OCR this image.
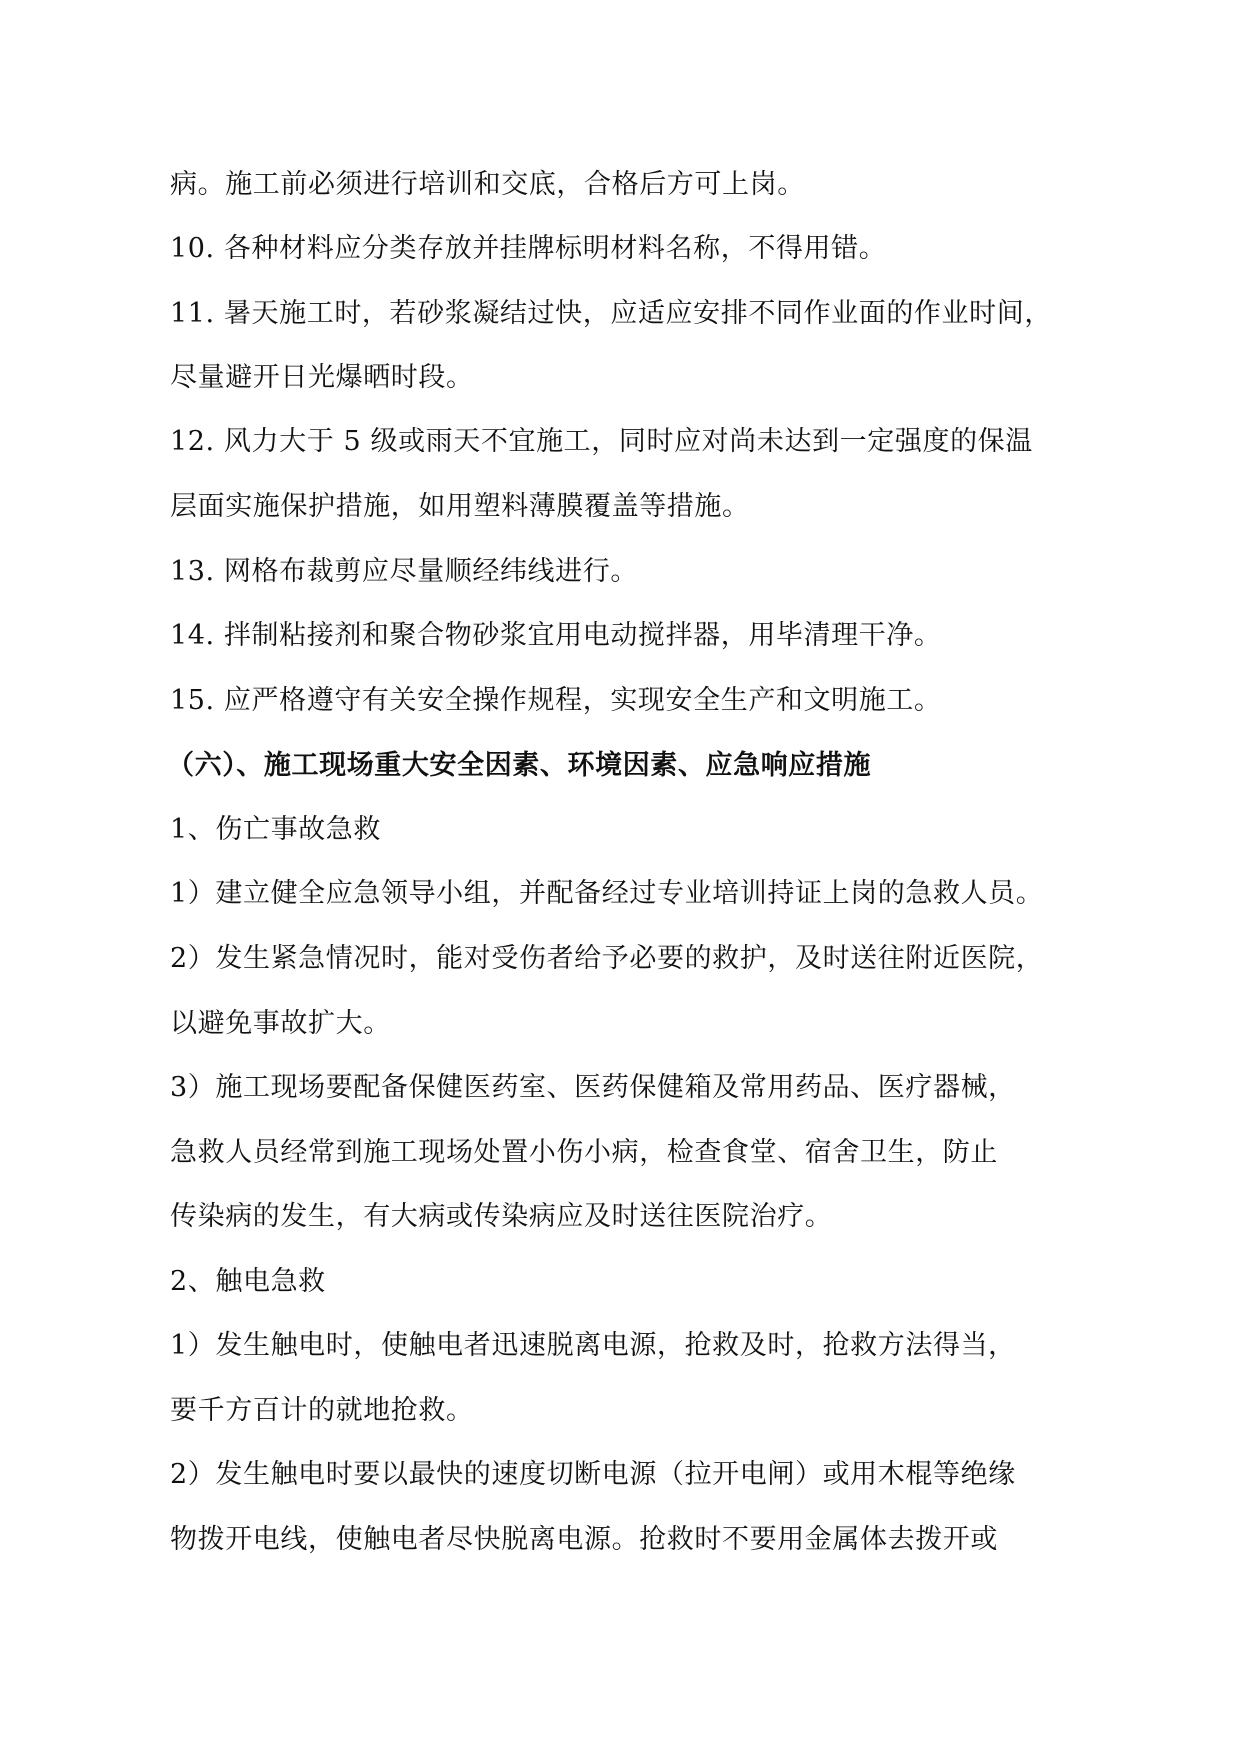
病。施工前必须进行培训和交底，合格后方可上岗。
10. 各种材料应分类存放并挂牌标明材料名称，不得用错。
11. 暑天施工时，若砂浆凝结过快，应适应安排不同作业面的作业时间，
尽量避开日光爆晒时段。
12. 风力大于 5 级或雨天不宜施工，同时应对尚未达到一定强度的保温
层面实施保护措施，如用塑料薄膜覆盖等措施。
13. 网格布裁剪应尽量顺经纬线进行。
14. 拌制粘接剂和聚合物砂浆宜用电动搅拌器，用毕清理干净。
15. 应严格遵守有关安全操作规程，实现安全生产和文明施工。
（六）、施工现场重大安全因素、环境因素、应急响应措施
1、伤亡事故急救
1）建立健全应急领导小组，并配备经过专业培训持证上岗的急救人员。
2）发生紧急情况时，能对受伤者给予必要的救护，及时送往附近医院，
以避免事故扩大。
3）施工现场要配备保健医药室、医药保健箱及常用药品、医疗器械，
急救人员经常到施工现场处置小伤小病，检查食堂、宿舍卫生，防止
传染病的发生，有大病或传染病应及时送往医院治疗。
2、触电急救
1）发生触电时，使触电者迅速脱离电源，抢救及时，抢救方法得当，
要千方百计的就地抢救。
2）发生触电时要以最快的速度切断电源（拉开电闸）或用木棍等绝缘
物拨开电线，使触电者尽快脱离电源。抢救时不要用金属体去拨开或
